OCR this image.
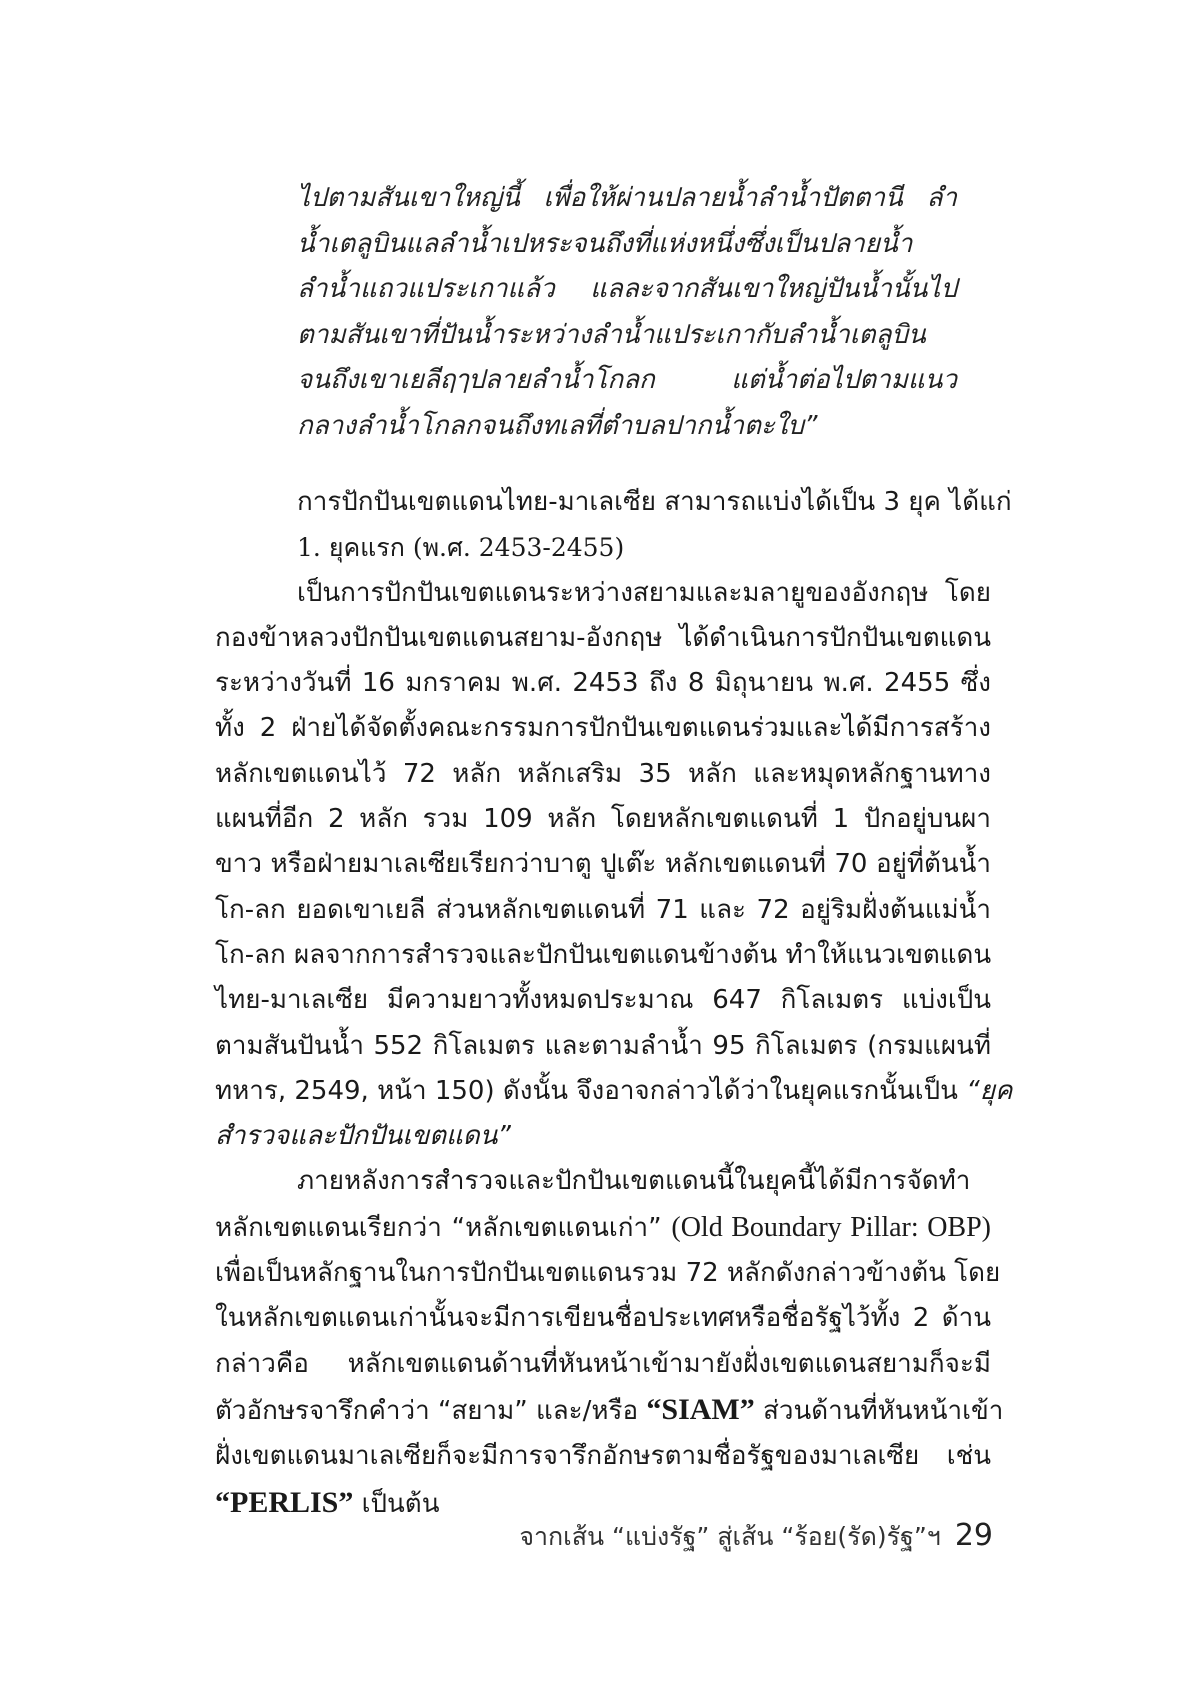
ไปตามสันเขาใหญ่นี้ เพื่อให้ผ่านปลายน้ำลำน้ำปัตตานี ลำ
น้ำเตลูบินแลลำน้ำเปหระจนถึงที่แห่งหนึ่งซึ่งเป็นปลายน้ำ
ลำน้ำแถวแประเกาแล้ว แลละจากสันเขาใหญ่ปันน้ำนั้นไป
ตามสันเขาที่ปันน้ำระหว่างลำน้ำแประเกากับลำน้ำเตลูบิน
จนถึงเขาเยลีฤๅปลายลำน้ำโกลก แต่น้ำต่อไปตามแนว
กลางลำน้ำโกลกจนถึงทเลที่ตำบลปากน้ำตะใบ”
การปักปันเขตแดนไทย-มาเลเซีย สามารถแบ่งได้เป็น 3 ยุค ได้แก่
1. ยุคแรก (พ.ศ. 2453-2455)
เป็นการปักปันเขตแดนระหว่างสยามและมลายูของอังกฤษ โดย
กองข้าหลวงปักปันเขตแดนสยาม-อังกฤษ ได้ดำเนินการปักปันเขตแดน
ระหว่างวันที่ 16 มกราคม พ.ศ. 2453 ถึง 8 มิถุนายน พ.ศ. 2455 ซึ่ง
ทั้ง 2 ฝ่ายได้จัดตั้งคณะกรรมการปักปันเขตแดนร่วมและได้มีการสร้าง
หลักเขตแดนไว้ 72 หลัก หลักเสริม 35 หลัก และหมุดหลักฐานทาง
แผนที่อีก 2 หลัก รวม 109 หลัก โดยหลักเขตแดนที่ 1 ปักอยู่บนผา
ขาว หรือฝ่ายมาเลเซียเรียกว่าบาตู ปูเต๊ะ หลักเขตแดนที่ 70 อยู่ที่ต้นน้ำ
โก-ลก ยอดเขาเยลี ส่วนหลักเขตแดนที่ 71 และ 72 อยู่ริมฝั่งต้นแม่น้ำ
โก-ลก ผลจากการสำรวจและปักปันเขตแดนข้างต้น ทำให้แนวเขตแดน
ไทย-มาเลเซีย มีความยาวทั้งหมดประมาณ 647 กิโลเมตร แบ่งเป็น
ตามสันปันน้ำ 552 กิโลเมตร และตามลำน้ำ 95 กิโลเมตร (กรมแผนที่
ทหาร, 2549, หน้า 150) ดังนั้น จึงอาจกล่าวได้ว่าในยุคแรกนั้นเป็น “ยุค
สำรวจและปักปันเขตแดน”
ภายหลังการสำรวจและปักปันเขตแดนนี้ในยุคนี้ได้มีการจัดทำ
หลักเขตแดนเรียกว่า “หลักเขตแดนเก่า” (Old Boundary Pillar: OBP)
เพื่อเป็นหลักฐานในการปักปันเขตแดนรวม 72 หลักดังกล่าวข้างต้น โดย
ในหลักเขตแดนเก่านั้นจะมีการเขียนชื่อประเทศหรือชื่อรัฐไว้ทั้ง 2 ด้าน
กล่าวคือ หลักเขตแดนด้านที่หันหน้าเข้ามายังฝั่งเขตแดนสยามก็จะมี
ตัวอักษรจารึกคำว่า “สยาม” และ/หรือ “SIAM” ส่วนด้านที่หันหน้าเข้า
ฝั่งเขตแดนมาเลเซียก็จะมีการจารึกอักษรตามชื่อรัฐของมาเลเซีย เช่น
“PERLIS” เป็นต้น
จากเส้น “แบ่งรัฐ” สู่เส้น “ร้อย(รัด)รัฐ”ฯ 29
